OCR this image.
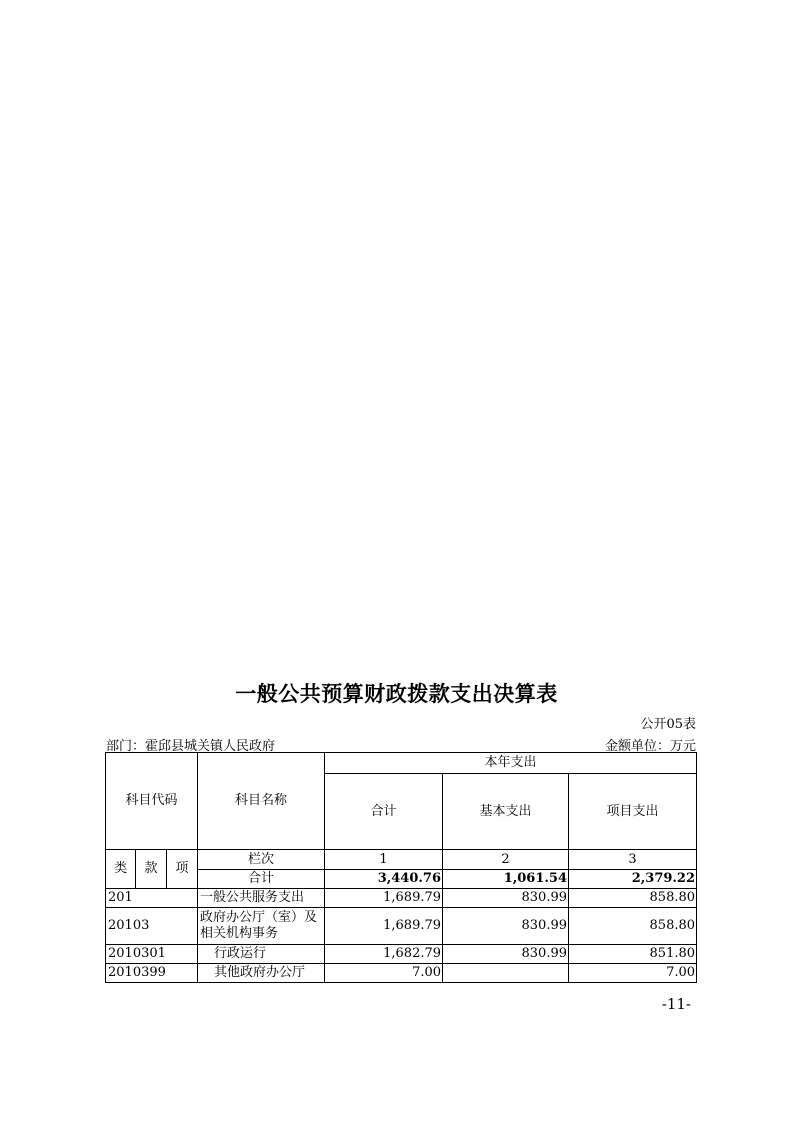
一般公共预算财政拨款支出决算表
公开05表
部门：霍邱县城关镇人民政府	金额单位：万元
科目代码			科目名称	本年支出		
				合计	基本支出	项目支出
类	款	项	栏次	1	2	3
			合计	3,440.76	1,061.54	2,379.22
201			一般公共服务支出	1,689.79	830.99	858.80
20103			政府办公厅（室）及相关机构事务	1,689.79	830.99	858.80
2010301			行政运行	1,682.79	830.99	851.80
2010399			其他政府办公厅	7.00		7.00
-11-
